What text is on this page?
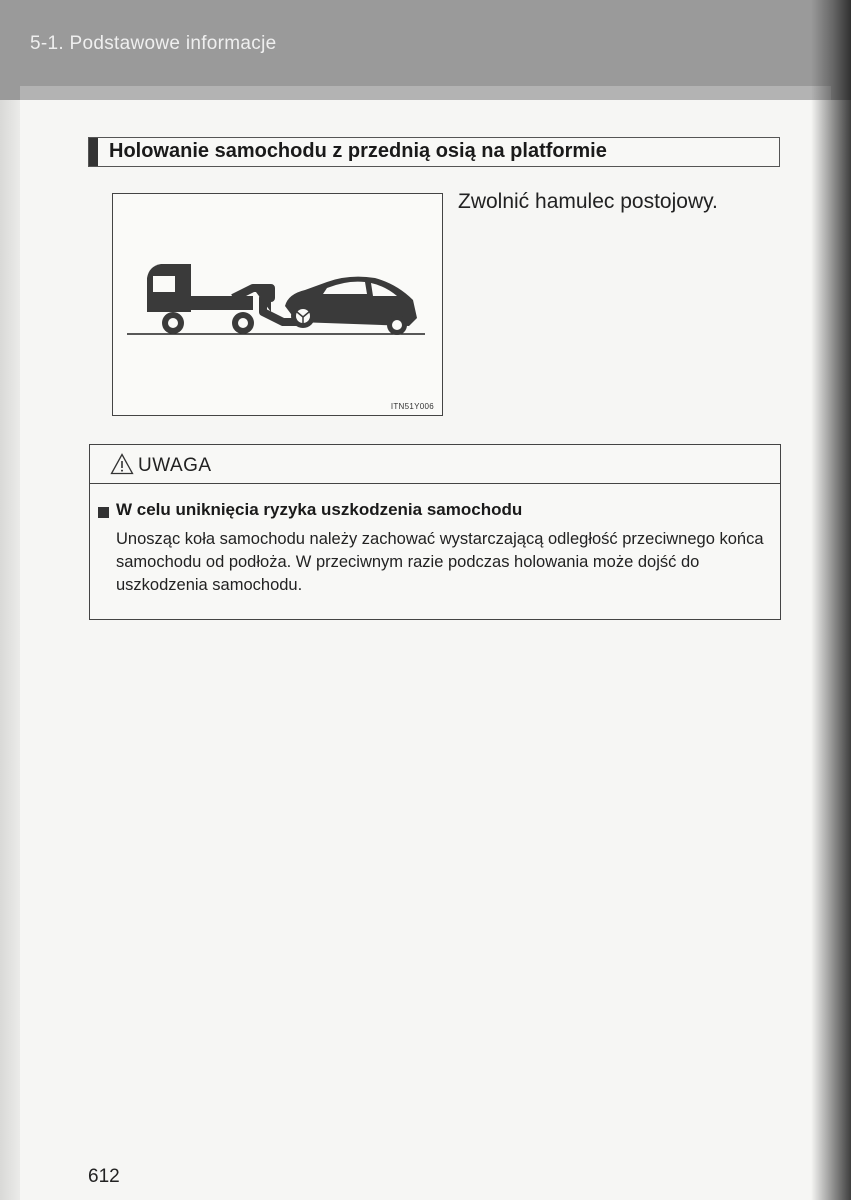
5-1. Podstawowe informacje
Holowanie samochodu z przednią osią na platformie
ITN51Y006
Zwolnić hamulec postojowy.
UWAGA
W celu uniknięcia ryzyka uszkodzenia samochodu

Unosząc koła samochodu należy zachować wystarczającą odległość przeciwnego końca samochodu od podłoża. W przeciwnym razie podczas holowania może dojść do uszkodzenia samochodu.

612
